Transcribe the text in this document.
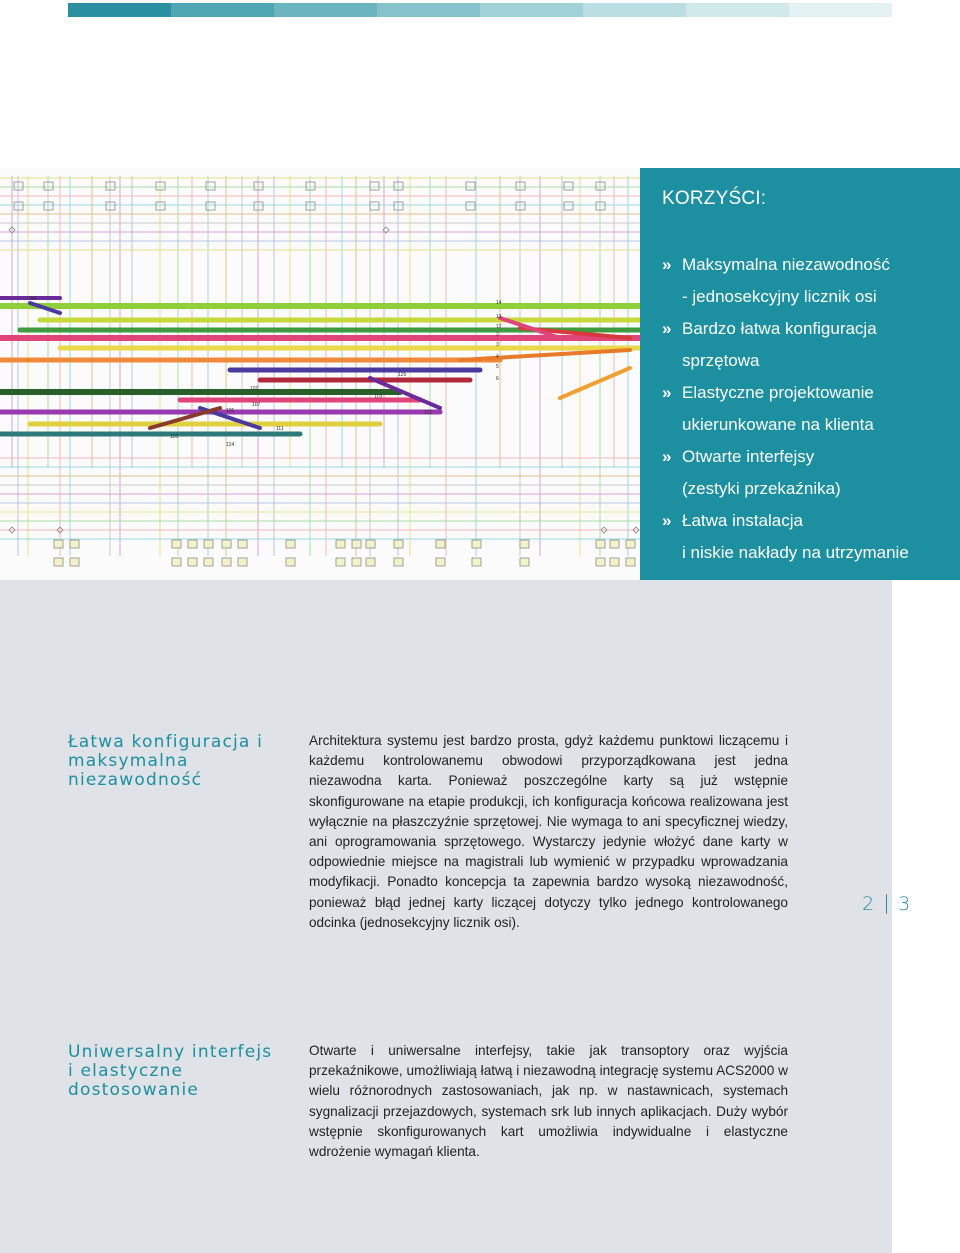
14
13
12
2
3
4
5
6
104
102
107
105
125
119
121
111
116
124
KORZYŚCI:
» Maksymalna niezawodność
- jednosekcyjny licznik osi
» Bardzo łatwa konfiguracja
sprzętowa
» Elastyczne projektowanie
ukierunkowane na klienta
» Otwarte interfejsy
(zestyki przekaźnika)
» Łatwa instalacja
i niskie nakłady na utrzymanie
Łatwa konfiguracja i
maksymalna
niezawodność

Architektura systemu jest bardzo prosta, gdyż każdemu punktowi liczącemu i każdemu kontrolowanemu obwodowi przyporządkowana jest jedna niezawodna karta. Ponieważ poszczególne karty są już wstępnie skonfigurowane na etapie produkcji, ich konfiguracja końcowa realizowana jest wyłącznie na płaszczyźnie sprzętowej. Nie wymaga to ani specyficznej wiedzy, ani oprogramowania sprzętowego. Wystarczy jedynie włożyć dane karty w odpowiednie miejsce na magistrali lub wymienić w przypadku wprowadzania modyfikacji. Ponadto koncepcja ta zapewnia bardzo wysoką niezawodność, ponieważ błąd jednej karty liczącej dotyczy tylko jednego kontrolowanego odcinka (jednosekcyjny licznik osi).

2 3
Uniwersalny interfejs
i elastyczne
dostosowanie

Otwarte i uniwersalne interfejsy, takie jak transoptory oraz wyjścia przekaźnikowe, umożliwiają łatwą i niezawodną integrację systemu ACS2000 w wielu różnorodnych zastosowaniach, jak np. w nastawnicach, systemach sygnalizacji przejazdowych, systemach srk lub innych aplikacjach. Duży wybór wstępnie skonfigurowanych kart umożliwia indywidualne i elastyczne wdrożenie wymagań klienta.
